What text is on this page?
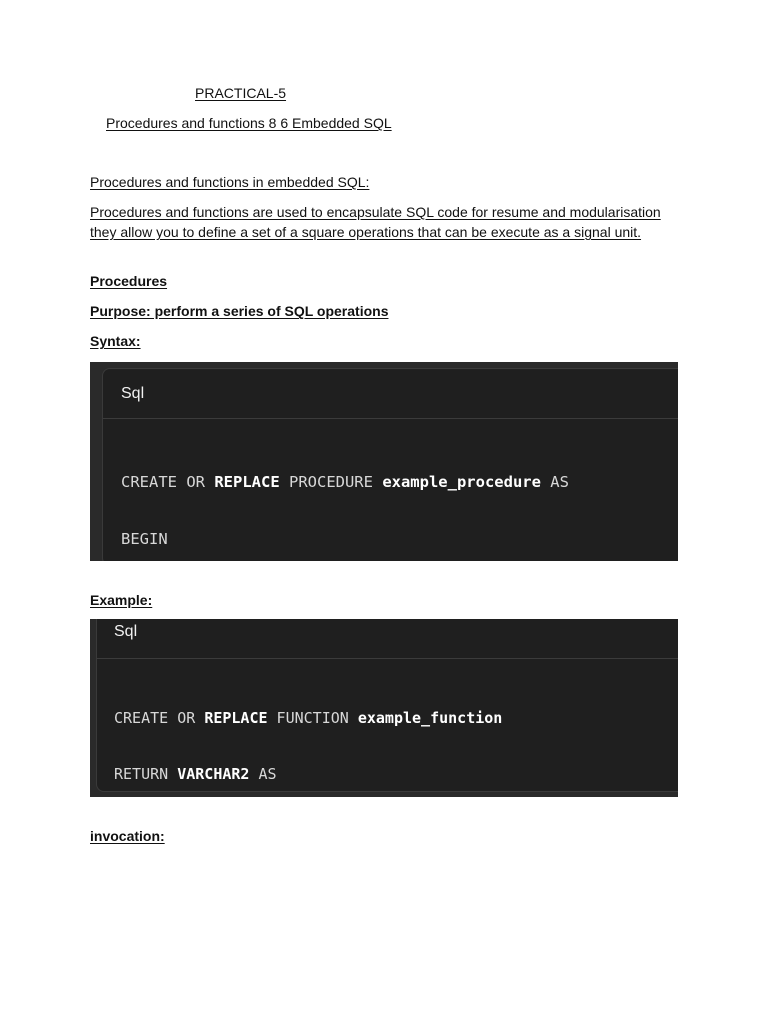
PRACTICAL-5
Procedures and functions 8 6 Embedded SQL
Procedures and functions in embedded SQL:
Procedures and functions are used to encapsulate SQL code for resume and modularisation they allow you to define a set of a square operations that can be execute as a signal unit.
Procedures
Purpose: perform a series of SQL operations
Syntax:
Sql

CREATE OR REPLACE PROCEDURE example_procedure AS

BEGIN

Example:
Sql

CREATE OR REPLACE FUNCTION example_function

RETURN VARCHAR2 AS

invocation:
